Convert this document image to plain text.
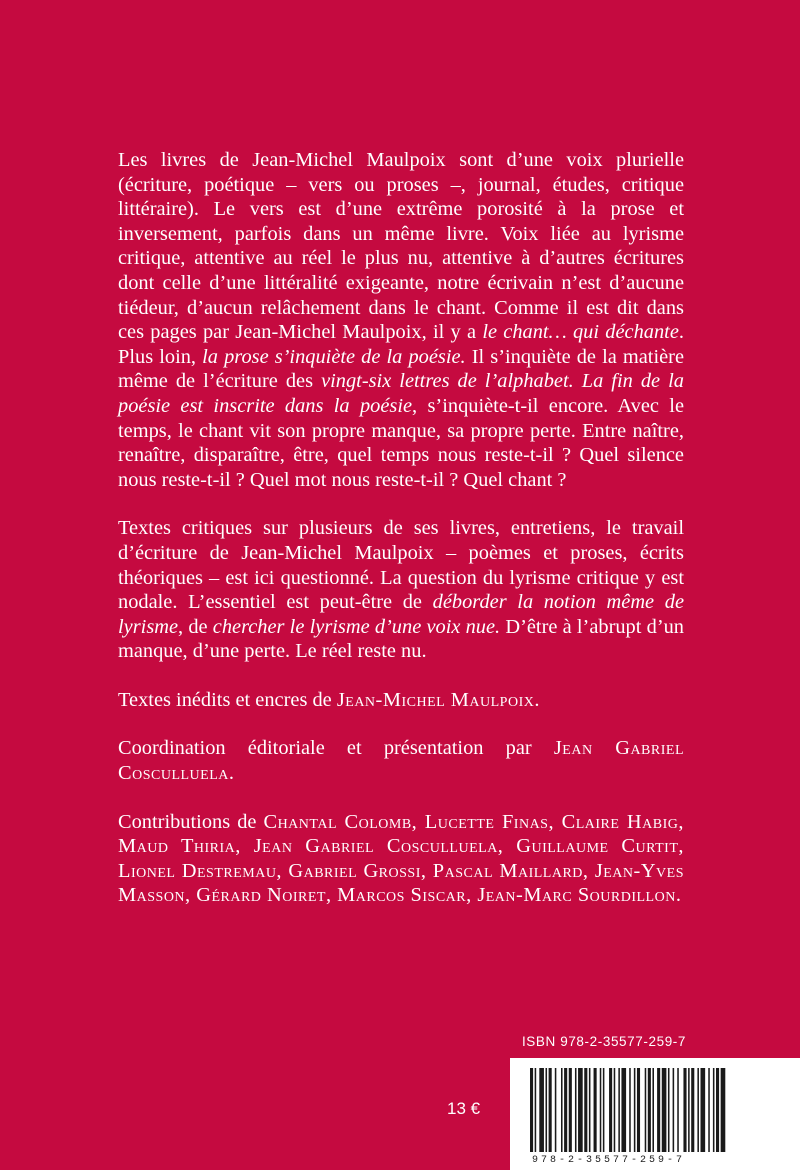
Les livres de Jean-Michel Maulpoix sont d’une voix plurielle (écriture, poétique – vers ou proses –, journal, études, critique littéraire). Le vers est d’une extrême porosité à la prose et inversement, parfois dans un même livre. Voix liée au lyrisme critique, attentive au réel le plus nu, attentive à d’autres écritures dont celle d’une littéralité exigeante, notre écrivain n’est d’aucune tiédeur, d’aucun relâchement dans le chant. Comme il est dit dans ces pages par Jean-Michel Maulpoix, il y a le chant… qui déchante. Plus loin, la prose s’inquiète de la poésie. Il s’inquiète de la matière même de l’écriture des vingt-six lettres de l’alphabet. La fin de la poésie est inscrite dans la poésie, s’inquiète-t-il encore. Avec le temps, le chant vit son propre manque, sa propre perte. Entre naître, renaître, disparaître, être, quel temps nous reste-t-il ? Quel silence nous reste-t-il ? Quel mot nous reste-t-il ? Quel chant ?

Textes critiques sur plusieurs de ses livres, entretiens, le travail d’écriture de Jean-Michel Maulpoix – poèmes et proses, écrits théoriques – est ici questionné. La question du lyrisme critique y est nodale. L’essentiel est peut-être de déborder la notion même de lyrisme, de chercher le lyrisme d’une voix nue. D’être à l’abrupt d’un manque, d’une perte. Le réel reste nu.

Textes inédits et encres de Jean-Michel Maulpoix.

Coordination éditoriale et présentation par Jean Gabriel Cosculluela.

Contributions de Chantal Colomb, Lucette Finas, Claire Habig, Maud Thiria, Jean Gabriel Cosculluela, Guillaume Curtit, Lionel Destremau, Gabriel Grossi, Pascal Maillard, Jean-Yves Masson, Gérard Noiret, Marcos Siscar, Jean-Marc Sourdillon.

ISBN 978-2-35577-259-7
13 €
978-2-35577-259-7
